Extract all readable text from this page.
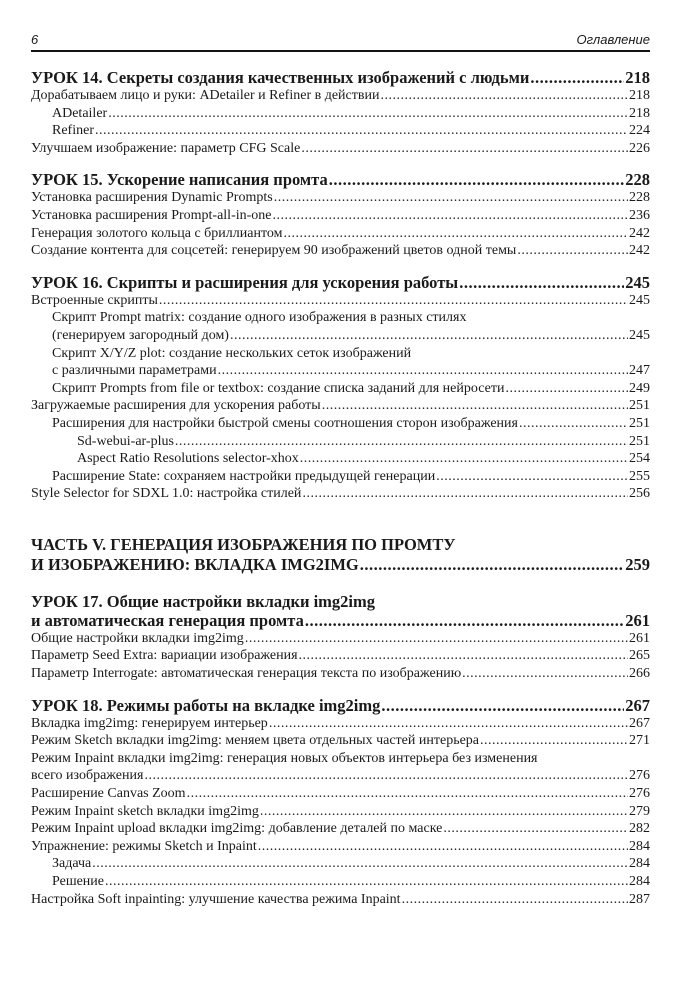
6	Оглавление
УРОК 14. Секреты создания качественных изображений с людьми .....	218
Дорабатываем лицо и руки: ADetailer и Refiner в действии .....	218
ADetailer .....	218
Refiner .....	224
Улучшаем изображение: параметр CFG Scale .....	226
УРОК 15. Ускорение написания промта .....	228
Установка расширения Dynamic Prompts .....	228
Установка расширения Prompt-all-in-one .....	236
Генерация золотого кольца с бриллиантом .....	242
Создание контента для соцсетей: генерируем 90 изображений цветов одной темы .....	242
УРОК 16. Скрипты и расширения для ускорения работы .....	245
Встроенные скрипты .....	245
Скрипт Prompt matrix: создание одного изображения в разных стилях
(генерируем загородный дом) .....	245
Скрипт X/Y/Z plot: создание нескольких сеток изображений
с различными параметрами .....	247
Скрипт Prompts from file or textbox: создание списка заданий для нейросети .....	249
Загружаемые расширения для ускорения работы .....	251
Расширения для настройки быстрой смены соотношения сторон изображения .....	251
Sd-webui-ar-plus .....	251
Aspect Ratio Resolutions selector-xhox .....	254
Расширение State: сохраняем настройки предыдущей генерации .....	255
Style Selector for SDXL 1.0: настройка стилей .....	256
ЧАСТЬ V. ГЕНЕРАЦИЯ ИЗОБРАЖЕНИЯ ПО ПРОМТУ
И ИЗОБРАЖЕНИЮ: ВКЛАДКА IMG2IMG .....	259
УРОК 17. Общие настройки вкладки img2img
и автоматическая генерация промта .....	261
Общие настройки вкладки img2img .....	261
Параметр Seed Extra: вариации изображения .....	265
Параметр Interrogate: автоматическая генерация текста по изображению .....	266
УРОК 18. Режимы работы на вкладке img2img .....	267
Вкладка img2img: генерируем интерьер .....	267
Режим Sketch вкладки img2img: меняем цвета отдельных частей интерьера .....	271
Режим Inpaint вкладки img2img: генерация новых объектов интерьера без изменения
всего изображения .....	276
Расширение Canvas Zoom .....	276
Режим Inpaint sketch вкладки img2img .....	279
Режим Inpaint upload вкладки img2img: добавление деталей по маске .....	282
Упражнение: режимы Sketch и Inpaint .....	284
Задача .....	284
Решение .....	284
Настройка Soft inpainting: улучшение качества режима Inpaint .....	287
